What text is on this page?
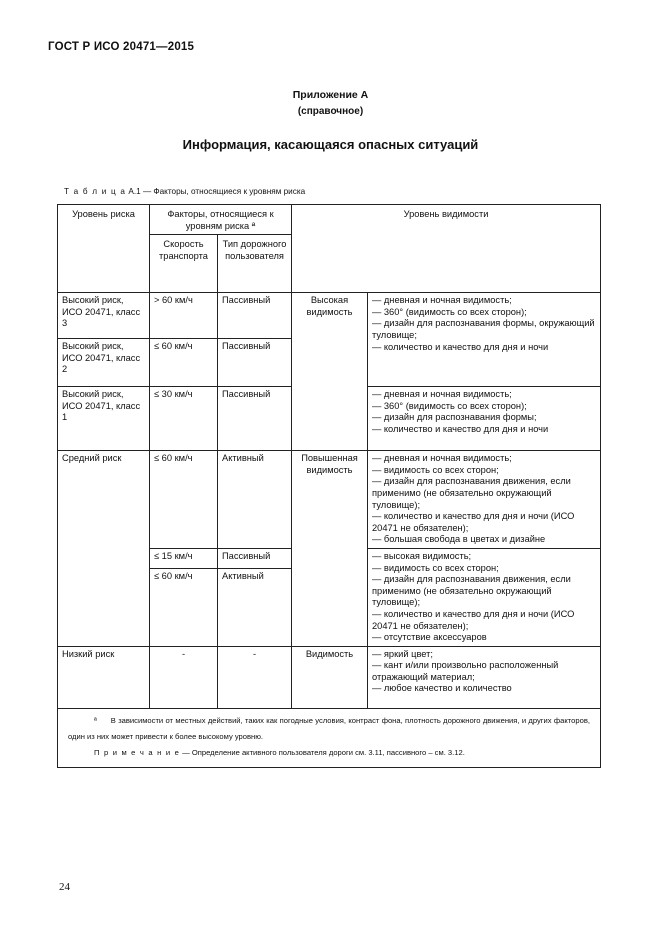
ГОСТ Р ИСО 20471—2015
Приложение А
(справочное)
Информация, касающаяся опасных ситуаций
Т а б л и ц а А.1 — Факторы, относящиеся к уровням риска
Уровень риска	Факторы, относящиеся к уровням риска ª		Уровень видимости	
	Скорость транспорта	Тип дорожного пользователя		
Высокий риск, ИСО 20471, класс 3	> 60 км/ч	Пассивный	Высокая видимость	— дневная и ночная видимость;
— 360° (видимость со всех сторон);
— дизайн для распознавания формы, окружающий туловище;
— количество и качество для дня и ночи

Высокий риск, ИСО 20471, класс 2	≤ 60 км/ч	Пассивный		
Высокий риск, ИСО 20471, класс 1	≤ 30 км/ч	Пассивный		— дневная и ночная видимость;
— 360° (видимость со всех сторон);
— дизайн для распознавания формы;
— количество и качество для дня и ночи

Средний риск	≤ 60 км/ч	Активный	Повышенная видимость	— дневная и ночная видимость;
— видимость со всех сторон;
— дизайн для распознавания движения, если применимо (не обязательно окружающий туловище);
— количество и качество для дня и ночи (ИСО 20471 не обязателен);
— большая свобода в цветах и дизайне

	≤ 15 км/ч	Пассивный		— высокая видимость;
— видимость со всех сторон;
— дизайн для распознавания движения, если применимо (не обязательно окружающий туловище);
— количество и качество для дня и ночи (ИСО 20471 не обязателен);
— отсутствие аксессуаров

	≤ 60 км/ч	Активный		
Низкий риск	-	-	Видимость	— яркий цвет;
— кант и/или произвольно расположенный отражающий материал;
— любое качество и количество

ª В зависимости от местных действий, таких как погодные условия, контраст фона, плотность дорожного движения, и других факторов, один из них может привести к более высокому уровню.
П р и м е ч а н и е — Определение активного пользователя дороги см. 3.11, пассивного – см. 3.12.				
24
